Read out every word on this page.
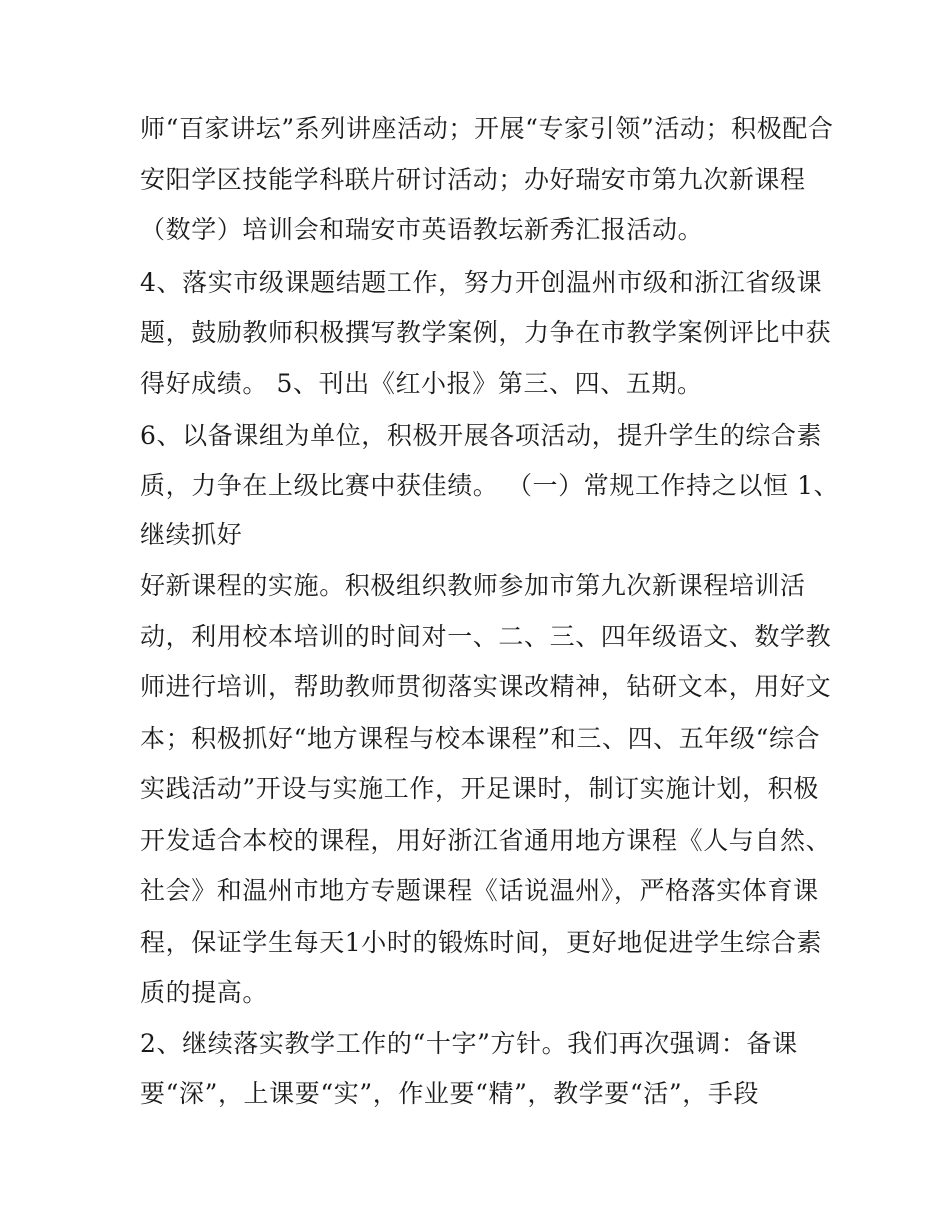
师“百家讲坛”系列讲座活动；开展“专家引领”活动；积极配合
安阳学区技能学科联片研讨活动；办好瑞安市第九次新课程
（数学）培训会和瑞安市英语教坛新秀汇报活动。
4、落实市级课题结题工作，努力开创温州市级和浙江省级课
题，鼓励教师积极撰写教学案例，力争在市教学案例评比中获
得好成绩。 5、刊出《红小报》第三、四、五期。
6、以备课组为单位，积极开展各项活动，提升学生的综合素
质，力争在上级比赛中获佳绩。 （一）常规工作持之以恒 1、
继续抓好
好新课程的实施。积极组织教师参加市第九次新课程培训活
动，利用校本培训的时间对一、二、三、四年级语文、数学教
师进行培训，帮助教师贯彻落实课改精神，钻研文本，用好文
本；积极抓好“地方课程与校本课程”和三、四、五年级“综合
实践活动”开设与实施工作，开足课时，制订实施计划，积极
开发适合本校的课程，用好浙江省通用地方课程《人与自然、
社会》和温州市地方专题课程《话说温州》，严格落实体育课
程，保证学生每天1小时的锻炼时间，更好地促进学生综合素
质的提高。
2、继续落实教学工作的“十字”方针。我们再次强调：备课
要“深”，上课要“实”，作业要“精”，教学要“活”，手段
